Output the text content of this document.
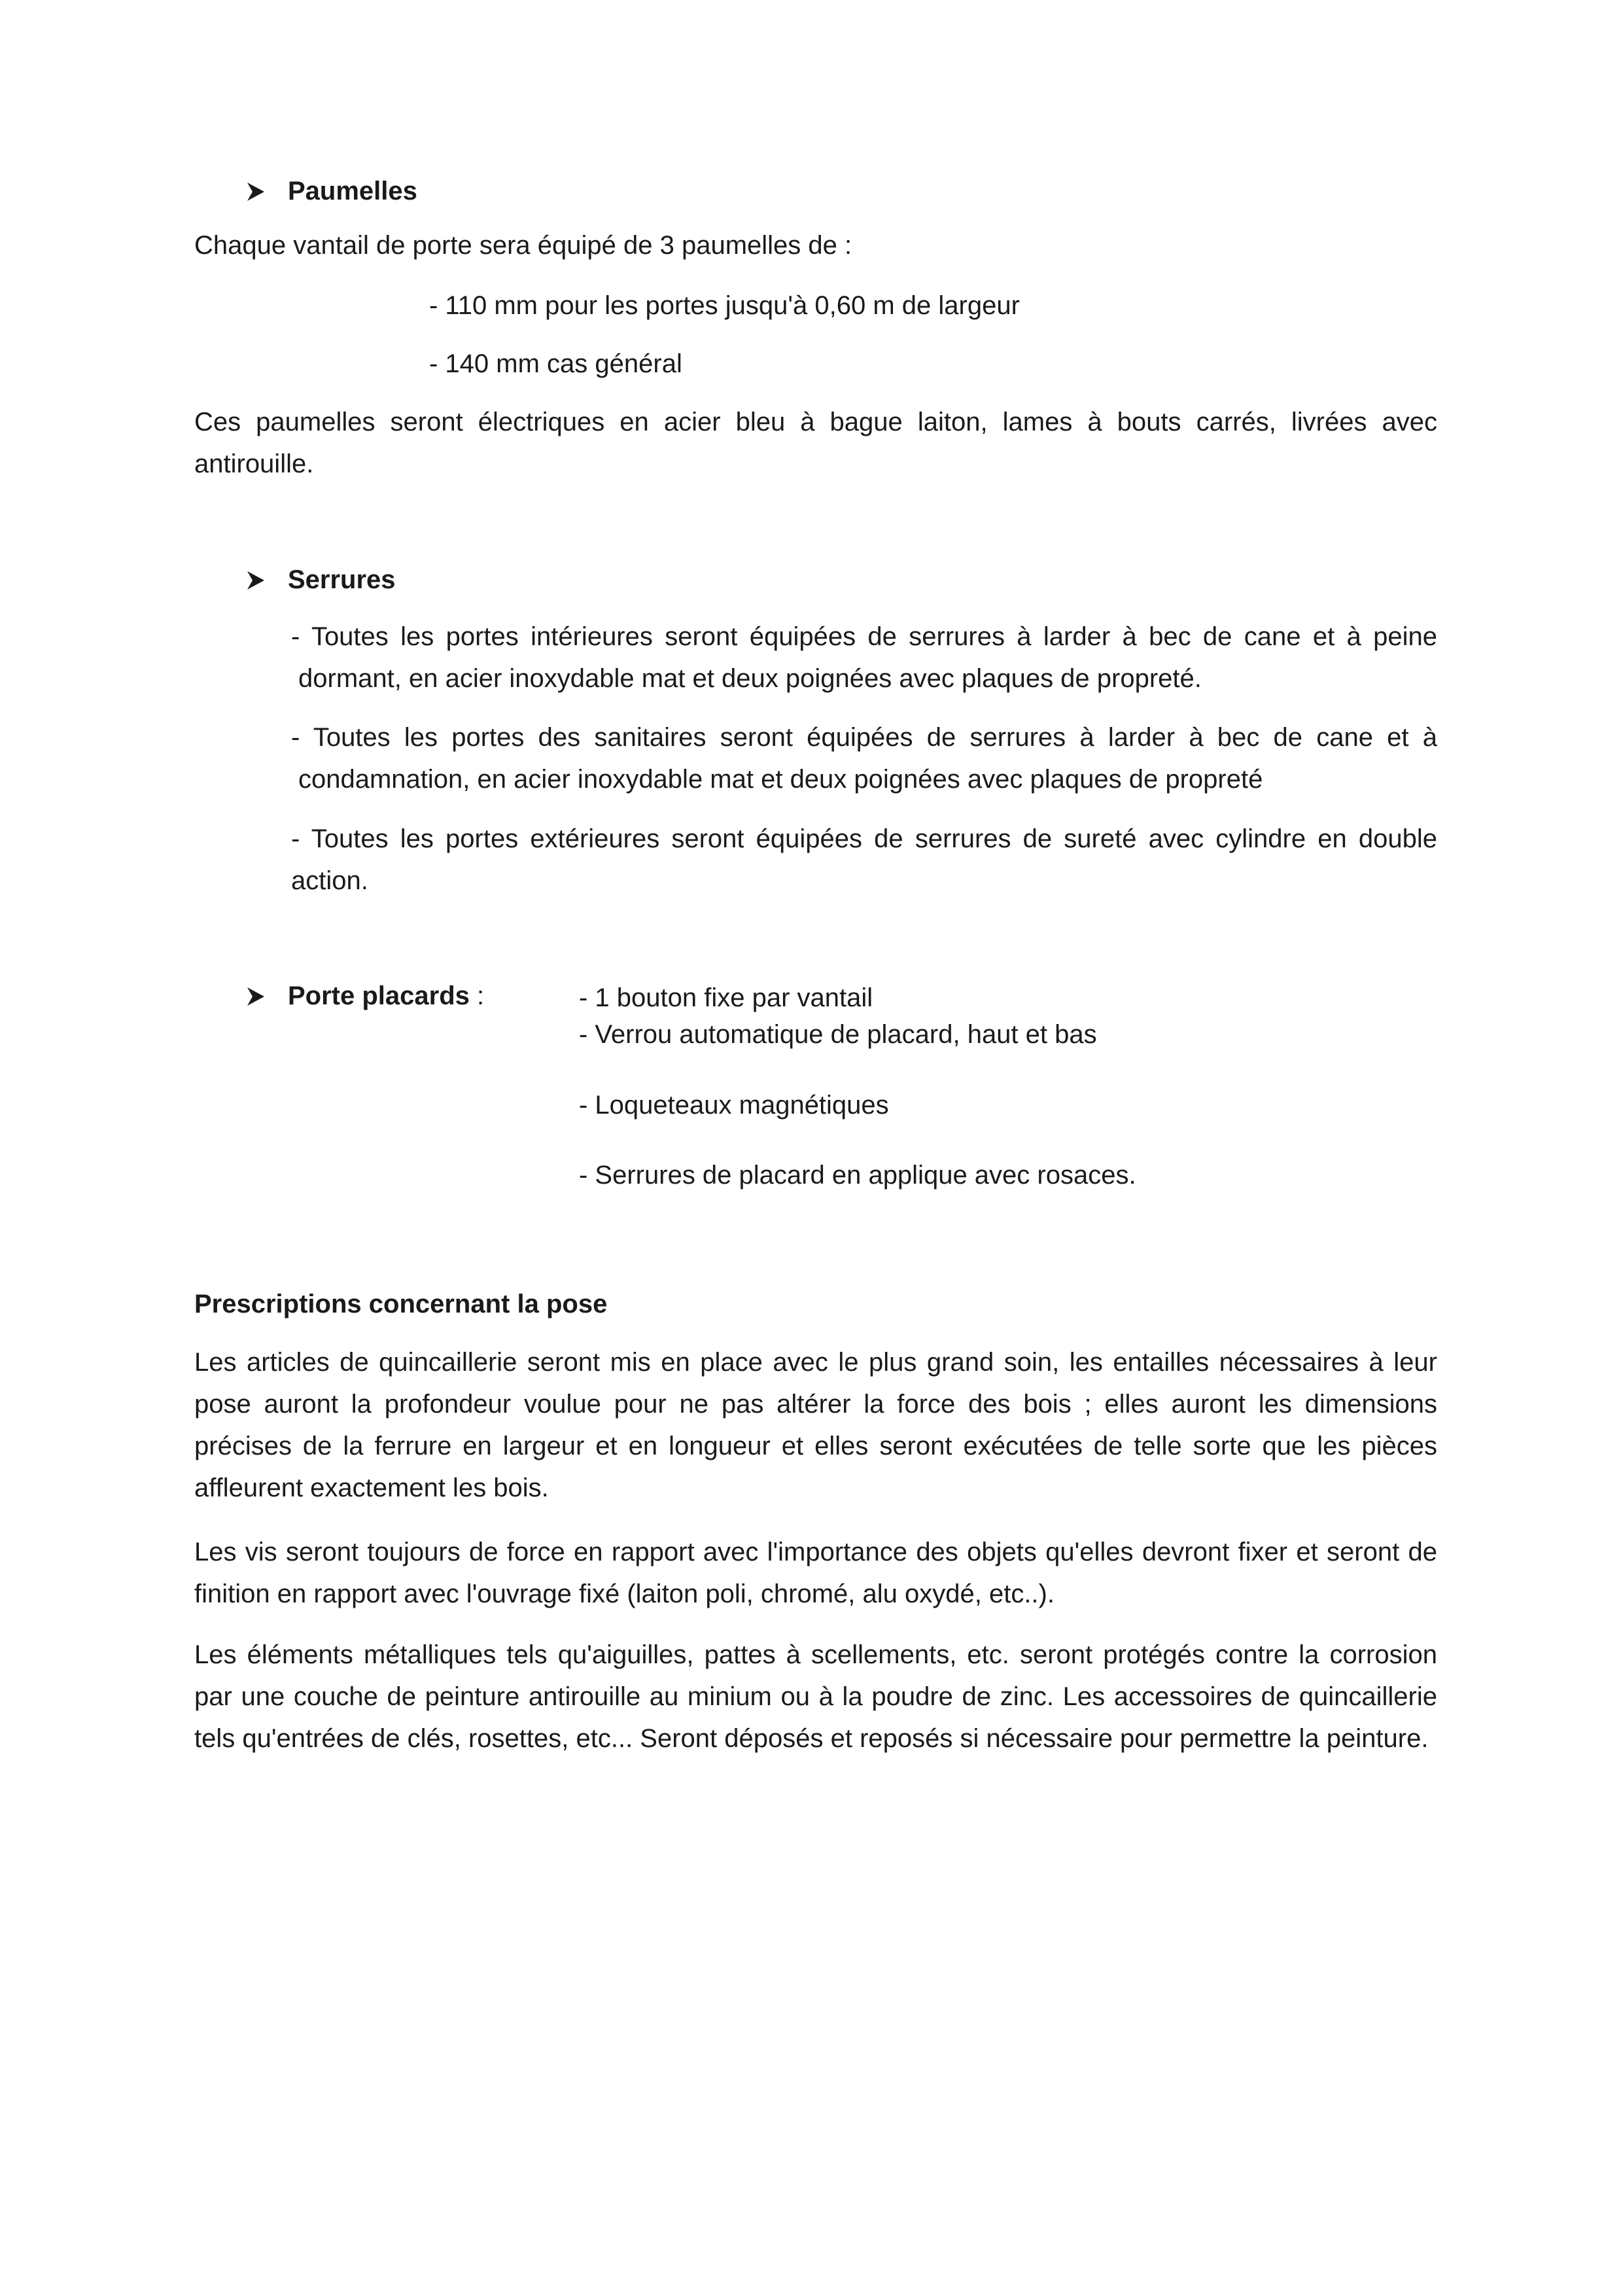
Paumelles
Chaque vantail de porte sera équipé de 3 paumelles de :
- 110 mm pour les portes jusqu'à 0,60 m de largeur
- 140 mm cas général
Ces paumelles seront électriques en acier bleu à bague laiton, lames à bouts carrés, livrées avec
antirouille.
Serrures
- Toutes les portes intérieures seront équipées de serrures à larder à bec de cane et à peine
dormant, en acier inoxydable mat et deux poignées avec plaques de propreté.
- Toutes les portes des sanitaires seront équipées de serrures à larder à bec de cane et à
condamnation, en acier inoxydable mat et deux poignées avec plaques de propreté
- Toutes les portes extérieures seront équipées de serrures de sureté avec cylindre en double
action.
Porte placards :	- 1 bouton fixe par vantail
- Verrou automatique de placard, haut et bas
- Loqueteaux magnétiques
- Serrures de placard en applique avec rosaces.
Prescriptions concernant la pose
Les articles de quincaillerie seront mis en place avec le plus grand soin, les entailles nécessaires à leur pose auront la profondeur voulue pour ne pas altérer la force des bois ; elles auront les dimensions précises de la ferrure en largeur et en longueur et elles seront exécutées de telle sorte que les pièces affleurent exactement les bois.
Les vis seront toujours de force en rapport avec l'importance des objets qu'elles devront fixer et seront de finition en rapport avec l'ouvrage fixé (laiton poli, chromé, alu oxydé, etc..).
Les éléments métalliques tels qu'aiguilles, pattes à scellements, etc. seront protégés contre la corrosion par une couche de peinture antirouille au minium ou à la poudre de zinc. Les accessoires de quincaillerie tels qu'entrées de clés, rosettes, etc... Seront déposés et reposés si nécessaire pour permettre la peinture.
